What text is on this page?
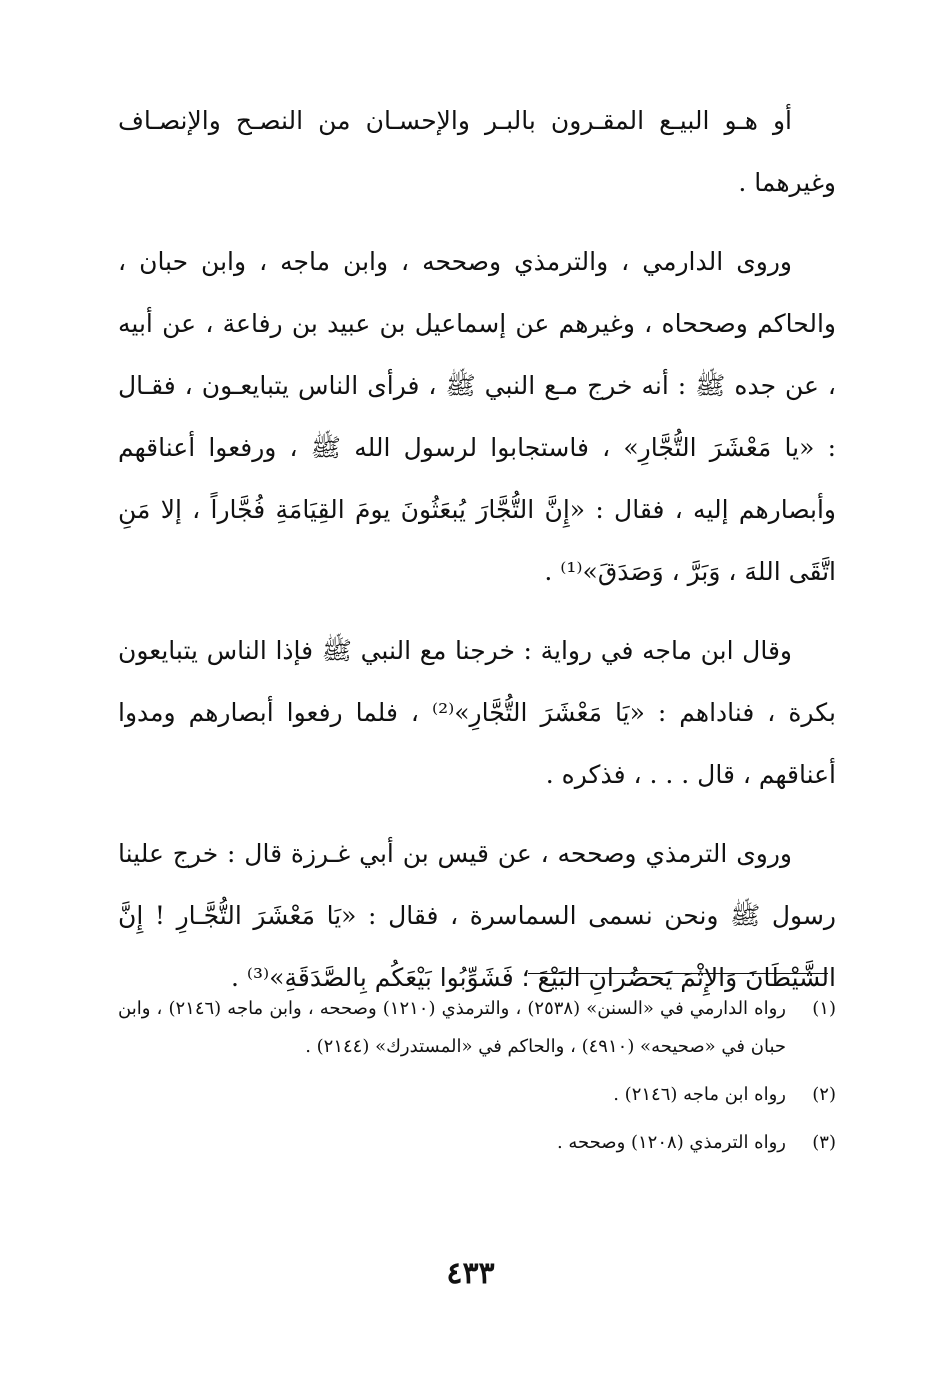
أو هـو البيـع المقـرون بالبـر والإحسـان من النصـح والإنصـاف وغيرهما .

وروى الدارمي ، والترمذي وصححه ، وابن ماجه ، وابن حبان ، والحاكم وصححاه ، وغيرهم عن إسماعيل بن عبيد بن رفاعة ، عن أبيه ، عن جده ﷺ : أنه خرج مـع النبي ﷺ ، فرأى الناس يتبايعـون ، فقـال : «يا مَعْشَرَ التُّجَّارِ» ، فاستجابوا لرسول الله ﷺ ، ورفعوا أعناقهم وأبصارهم إليه ، فقال : «إِنَّ التُّجَّارَ يُبعَثُونَ يومَ القِيَامَةِ فُجَّاراً ، إلا مَنِ اتَّقَى اللهَ ، وَبَرَّ ، وَصَدَقَ»⁽¹⁾ .

وقال ابن ماجه في رواية : خرجنا مع النبي ﷺ فإذا الناس يتبايعون بكرة ، فناداهم : «يَا مَعْشَرَ التُّجَّارِ»⁽²⁾ ، فلما رفعوا أبصارهم ومدوا أعناقهم ، قال . . . ، فذكره .

وروى الترمذي وصححه ، عن قيس بن أبي غـرزة قال : خرج علينا رسول ﷺ ونحن نسمى السماسرة ، فقال : «يَا مَعْشَرَ التُّجَّـارِ ! إِنَّ الشَّيْطَانَ وَالإِثْمَ يَحضُرانِ البَيْعَ ؛ فَشَوِّبُوا بَيْعَكُم بِالصَّدَقَةِ»⁽³⁾ .

(١)
رواه الدارمي في «السنن» (٢٥٣٨) ، والترمذي (١٢١٠) وصححه ، وابن ماجه (٢١٤٦) ، وابن حبان في «صحيحه» (٤٩١٠) ، والحاكم في «المستدرك» (٢١٤٤) .
(٢)
رواه ابن ماجه (٢١٤٦) .
(٣)
رواه الترمذي (١٢٠٨) وصححه .
٤٣٣
